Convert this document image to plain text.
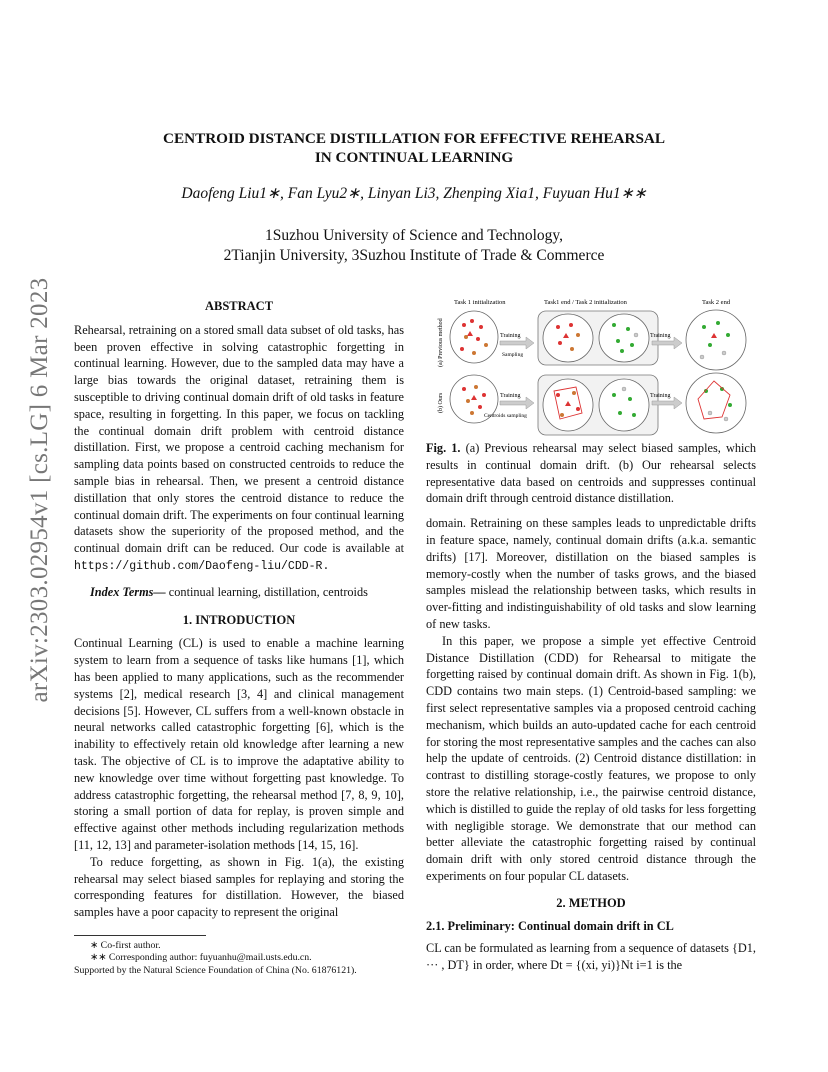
arXiv:2303.02954v1 [cs.LG] 6 Mar 2023
CENTROID DISTANCE DISTILLATION FOR EFFECTIVE REHEARSAL
IN CONTINUAL LEARNING
Daofeng Liu1∗, Fan Lyu2∗, Linyan Li3, Zhenping Xia1, Fuyuan Hu1∗∗
1Suzhou University of Science and Technology,
2Tianjin University, 3Suzhou Institute of Trade & Commerce
ABSTRACT

Rehearsal, retraining on a stored small data subset of old tasks, has been proven effective in solving catastrophic forgetting in continual learning. However, due to the sampled data may have a large bias towards the original dataset, retraining them is susceptible to driving continual domain drift of old tasks in feature space, resulting in forgetting. In this paper, we focus on tackling the continual domain drift problem with centroid distance distillation. First, we propose a centroid caching mechanism for sampling data points based on constructed centroids to reduce the sample bias in rehearsal. Then, we present a centroid distance distillation that only stores the centroid distance to reduce the continual domain drift. The experiments on four continual learning datasets show the superiority of the proposed method, and the continual domain drift can be reduced. Our code is available at https://github.com/Daofeng-liu/CDD-R.

Index Terms— continual learning, distillation, centroids

1. INTRODUCTION

Continual Learning (CL) is used to enable a machine learning system to learn from a sequence of tasks like humans [1], which has been applied to many applications, such as the recommender systems [2], medical research [3, 4] and clinical management decisions [5]. However, CL suffers from a well-known obstacle in neural networks called catastrophic forgetting [6], which is the inability to effectively retain old knowledge after learning a new task. The objective of CL is to improve the adaptative ability to new knowledge over time without forgetting past knowledge. To address catastrophic forgetting, the rehearsal method [7, 8, 9, 10], storing a small portion of data for replay, is proven simple and effective against other methods including regularization methods [11, 12, 13] and parameter-isolation methods [14, 15, 16].

To reduce forgetting, as shown in Fig. 1(a), the existing rehearsal may select biased samples for replaying and storing the corresponding features for distillation. However, the biased samples have a poor capacity to represent the original

∗ Co-first author.
∗∗ Corresponding author: fuyuanhu@mail.usts.edu.cn.
Supported by the Natural Science Foundation of China (No. 61876121).
Task 1 initialization	Task1 end / Task 2 initialization	Task 2 end
(a) Previous method
(b) Ours
Training
Sampling
Training
Centroids sampling
Training
Training

Fig. 1. (a) Previous rehearsal may select biased samples, which results in continual domain drift. (b) Our rehearsal selects representative data based on centroids and suppresses continual domain drift through centroid distance distillation.

domain. Retraining on these samples leads to unpredictable drifts in feature space, namely, continual domain drifts (a.k.a. semantic drifts) [17]. Moreover, distillation on the biased samples is memory-costly when the number of tasks grows, and the biased samples mislead the relationship between tasks, which results in over-fitting and indistinguishability of old tasks and slow learning of new tasks.

In this paper, we propose a simple yet effective Centroid Distance Distillation (CDD) for Rehearsal to mitigate the forgetting raised by continual domain drift. As shown in Fig. 1(b), CDD contains two main steps. (1) Centroid-based sampling: we first select representative samples via a proposed centroid caching mechanism, which builds an auto-updated cache for each centroid for storing the most representative samples and the caches can also help the update of centroids. (2) Centroid distance distillation: in contrast to distilling storage-costly features, we propose to only store the relative relationship, i.e., the pairwise centroid distance, which is distilled to guide the replay of old tasks for less forgetting with negligible storage. We demonstrate that our method can better alleviate the catastrophic forgetting raised by continual domain drift with only stored centroid distance through the experiments on four popular CL datasets.

2. METHOD

2.1. Preliminary: Continual domain drift in CL

CL can be formulated as learning from a sequence of datasets {D1, ··· , DT} in order, where Dt = {(xi, yi)}Nt i=1 is the
